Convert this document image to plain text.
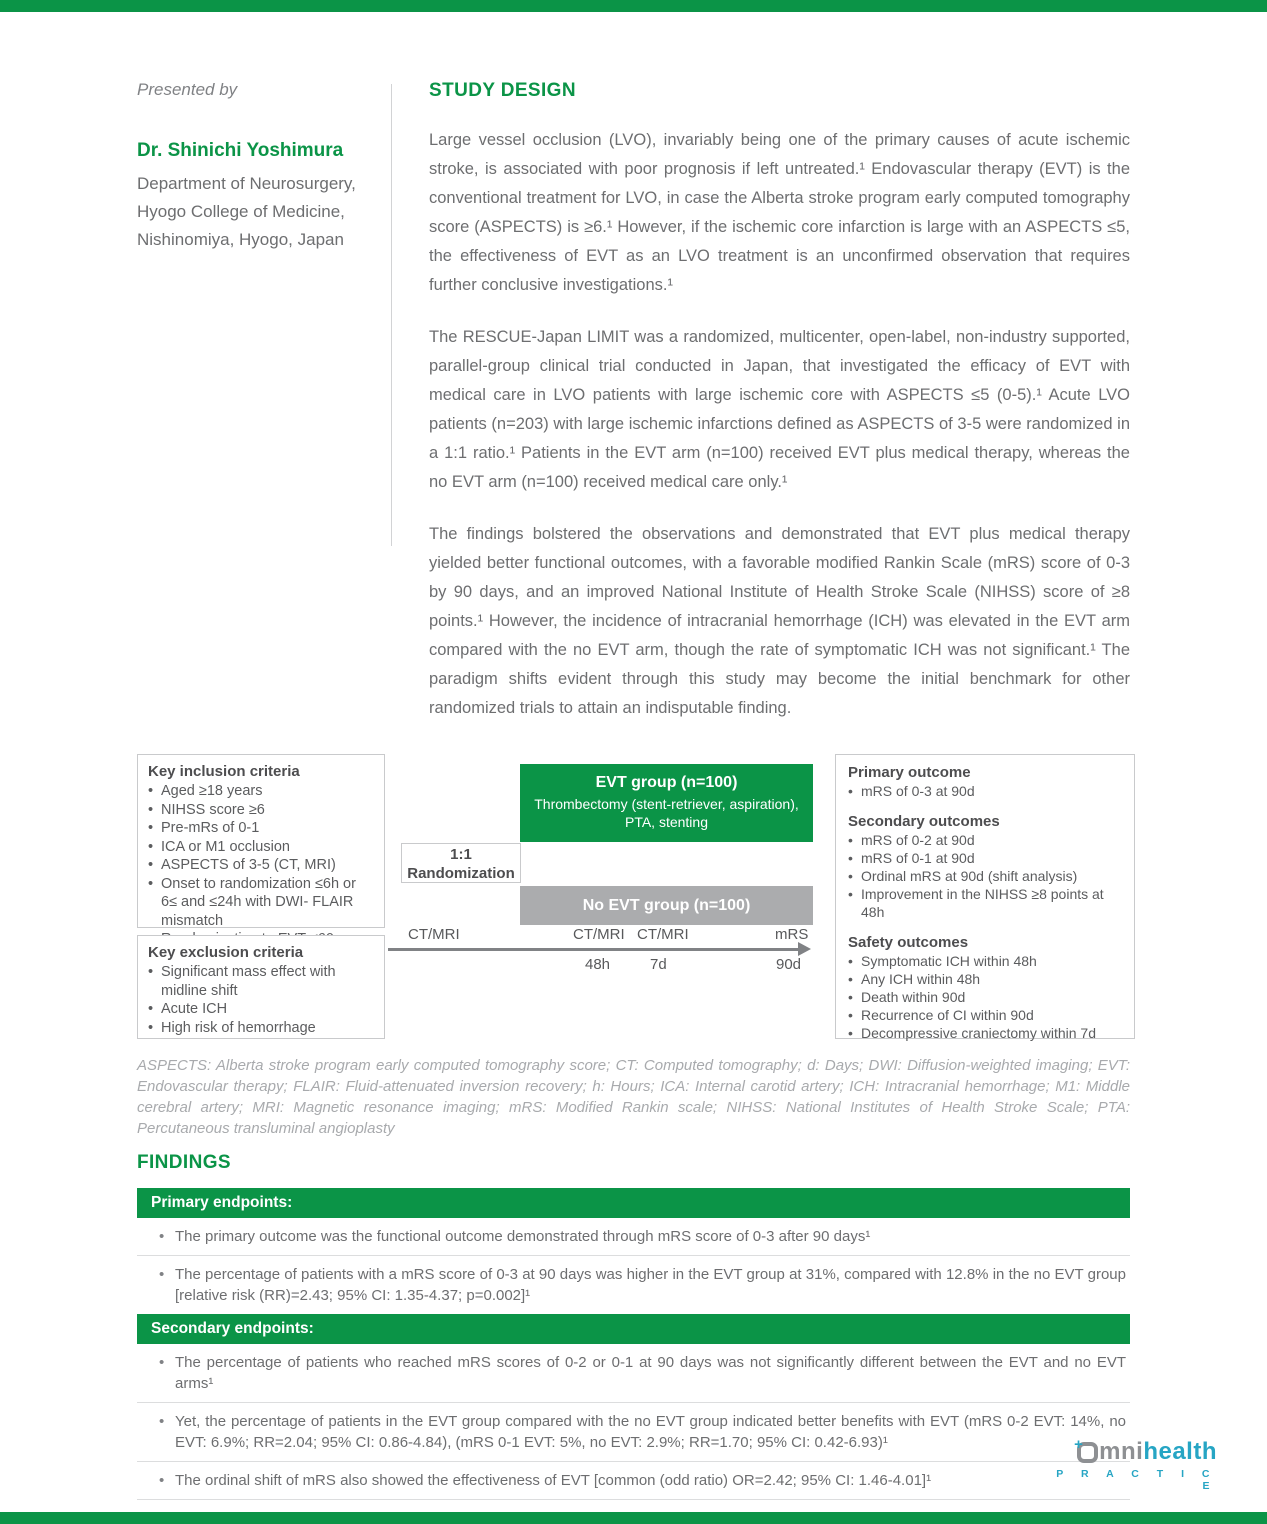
Presented by
Dr. Shinichi Yoshimura
Department of Neurosurgery,
Hyogo College of Medicine,
Nishinomiya, Hyogo, Japan
STUDY DESIGN
Large vessel occlusion (LVO), invariably being one of the primary causes of acute ischemic stroke, is associated with poor prognosis if left untreated.¹ Endovascular therapy (EVT) is the conventional treatment for LVO, in case the Alberta stroke program early computed tomography score (ASPECTS) is ≥6.¹ However, if the ischemic core infarction is large with an ASPECTS ≤5, the effectiveness of EVT as an LVO treatment is an unconfirmed observation that requires further conclusive investigations.¹
The RESCUE-Japan LIMIT was a randomized, multicenter, open-label, non-industry supported, parallel-group clinical trial conducted in Japan, that investigated the efficacy of EVT with medical care in LVO patients with large ischemic core with ASPECTS ≤5 (0-5).¹ Acute LVO patients (n=203) with large ischemic infarctions defined as ASPECTS of 3-5 were randomized in a 1:1 ratio.¹ Patients in the EVT arm (n=100) received EVT plus medical therapy, whereas the no EVT arm (n=100) received medical care only.¹
The findings bolstered the observations and demonstrated that EVT plus medical therapy yielded better functional outcomes, with a favorable modified Rankin Scale (mRS) score of 0-3 by 90 days, and an improved National Institute of Health Stroke Scale (NIHSS) score of ≥8 points.¹ However, the incidence of intracranial hemorrhage (ICH) was elevated in the EVT arm compared with the no EVT arm, though the rate of symptomatic ICH was not significant.¹ The paradigm shifts evident through this study may become the initial benchmark for other randomized trials to attain an indisputable finding.
Key inclusion criteria
• Aged ≥18 years
• NIHSS score ≥6
• Pre-mRs of 0-1
• ICA or M1 occlusion
• ASPECTS of 3-5 (CT, MRI)
• Onset to randomization ≤6h or 6≤ and ≤24h with DWI- FLAIR mismatch
•
Key exclusion criteria
• Significant mass effect with midline shift
• Acute ICH
• High risk of hemorrhage
1:1
Randomization
EVT group (n=100)
Thrombectomy (stent-retriever, aspiration), PTA, stenting
No EVT group (n=100)
CT/MRI	CT/MRI CT/MRI	mRS
48h	7d	90d
Primary outcome
• mRS of 0-3 at 90d
Secondary outcomes
• mRS of 0-2 at 90d
• mRS of 0-1 at 90d
• Ordinal mRS at 90d (shift analysis)
• Improvement in the NIHSS ≥8 points at 48h
Safety outcomes
• Symptomatic ICH within 48h
• Any ICH within 48h
• Death within 90d
• Recurrence of CI within 90d
• Decompressive craniectomy within 7d
ASPECTS: Alberta stroke program early computed tomography score; CT: Computed tomography; d: Days; DWI: Diffusion-weighted imaging; EVT: Endovascular therapy; FLAIR: Fluid-attenuated inversion recovery; h: Hours; ICA: Internal carotid artery; ICH: Intracranial hemorrhage; M1: Middle cerebral artery; MRI: Magnetic resonance imaging; mRS: Modified Rankin scale; NIHSS: National Institutes of Health Stroke Scale; PTA: Percutaneous transluminal angioplasty
FINDINGS
Primary endpoints:
• The primary outcome was the functional outcome demonstrated through mRS score of 0-3 after 90 days¹
• The percentage of patients with a mRS score of 0-3 at 90 days was higher in the EVT group at 31%, compared with 12.8% in the no EVT group [relative risk (RR)=2.43; 95% CI: 1.35-4.37; p=0.002]¹
Secondary endpoints:
• The percentage of patients who reached mRS scores of 0-2 or 0-1 at 90 days was not significantly different between the EVT and no EVT arms¹
• Yet, the percentage of patients in the EVT group compared with the no EVT group indicated better benefits with EVT (mRS 0-2 EVT: 14%, no EVT: 6.9%; RR=2.04; 95% CI: 0.86-4.84), (mRS 0-1 EVT: 5%, no EVT: 2.9%; RR=1.70; 95% CI: 0.42-6.93)¹
• The ordinal shift of mRS also showed the effectiveness of EVT [common (odd ratio) OR=2.42; 95% CI: 1.46-4.01]¹
•
+ mni health
P R A C T I C E
